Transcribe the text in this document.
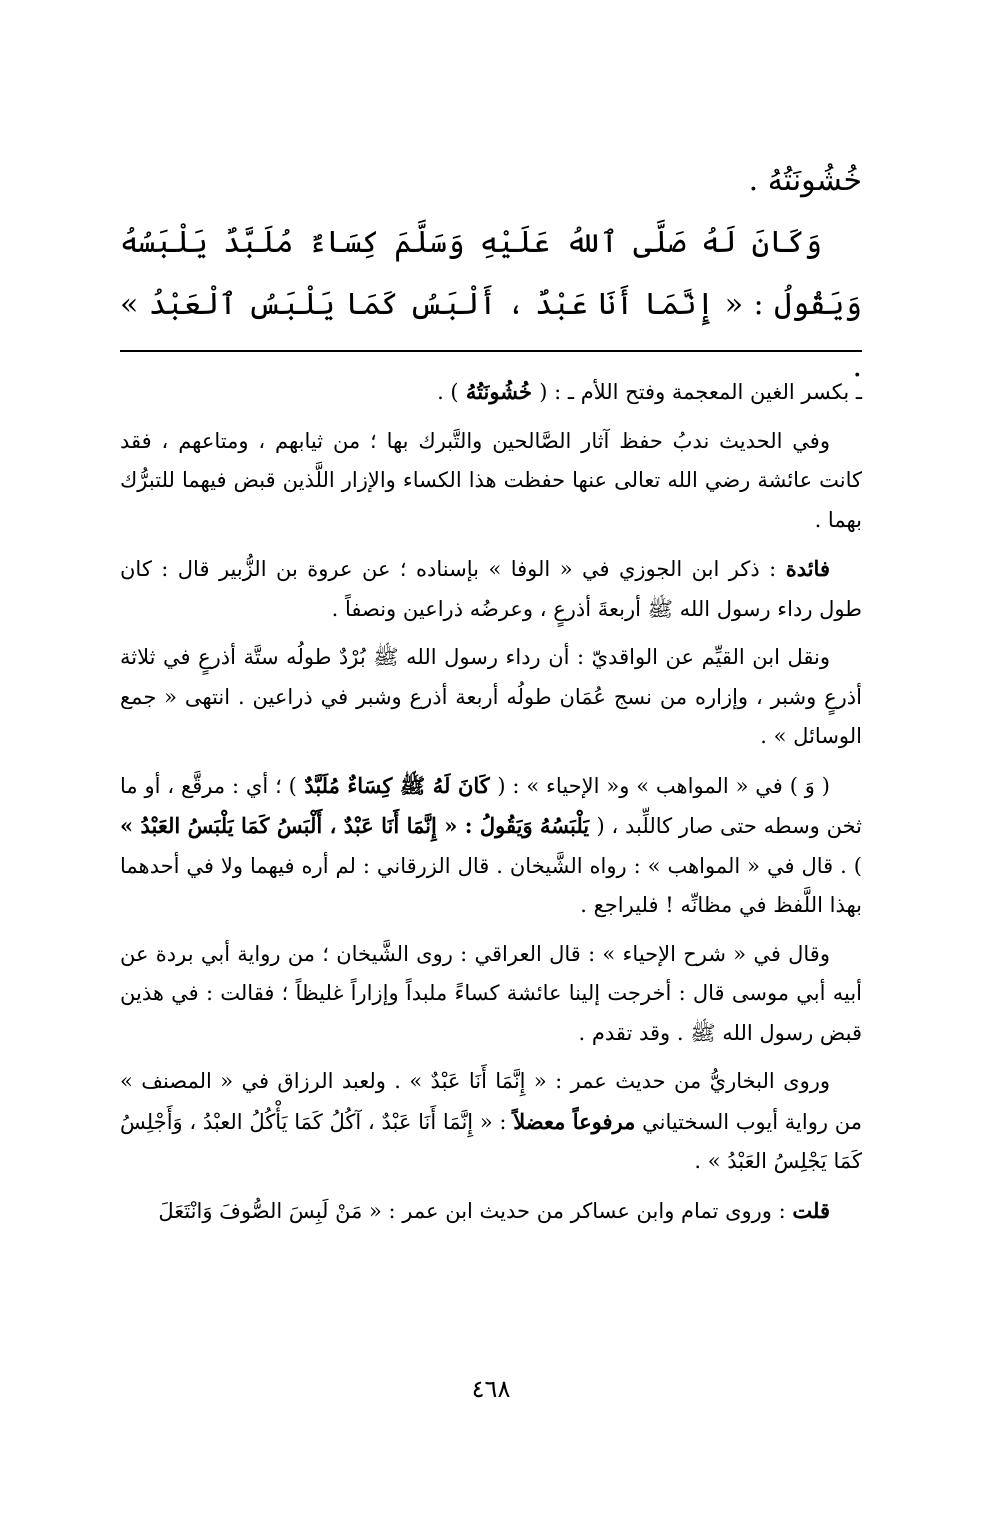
خُشُونَتُهُ .

وَكَانَ لَهُ صَلَّى ٱللهُ عَلَيْهِ وَسَلَّمَ كِسَاءٌ مُلَبَّدٌ يَلْبَسُهُ وَيَقُولُ : « إِنَّمَا أَنَا عَبْدٌ ، أَلْبَسُ كَمَا يَلْبَسُ ٱلْعَبْدُ » .

ـ بكسر الغين المعجمة وفتح اللأم ـ : ( خُشُونَتُهُ ) .

وفي الحديث ندبُ حفظ آثار الصَّالحين والتَّبرك بها ؛ من ثيابهم ، ومتاعهم ، فقد كانت عائشة رضي الله تعالى عنها حفظت هذا الكساء والإزار اللَّذين قبض فيهما للتبرُّك بهما .

فائدة : ذكر ابن الجوزي في « الوفا » بإسناده ؛ عن عروة بن الزُّبير قال : كان طول رداء رسول الله ﷺ أربعةَ أذرعٍ ، وعرضُه ذراعين ونصفاً .

ونقل ابن القيِّم عن الواقديّ : أن رداء رسول الله ﷺ بُرْدٌ طولُه ستَّة أذرعٍ في ثلاثة أذرعٍ وشبر ، وإزاره من نسج عُمَان طولُه أربعة أذرع وشبر في ذراعين . انتهى « جمع الوسائل » .

( وَ ) في « المواهب » و« الإحياء » : ( كَانَ لَهُ ﷺ كِسَاءٌ مُلَبَّدٌ ) ؛ أي : مرقَّع ، أو ما ثخن وسطه حتى صار كاللِّبد ، ( يَلْبَسُهُ وَيَقُولُ : « إِنَّمَا أَنَا عَبْدٌ ، أَلْبَسُ كَمَا يَلْبَسُ العَبْدُ » ) . قال في « المواهب » : رواه الشَّيخان . قال الزرقاني : لم أره فيهما ولا في أحدهما بهذا اللَّفظ في مظانِّه ! فليراجع .

وقال في « شرح الإحياء » : قال العراقي : روى الشَّيخان ؛ من رواية أبي بردة عن أبيه أبي موسى قال : أخرجت إلينا عائشة كساءً ملبداً وإزاراً غليظاً ؛ فقالت : في هذين قبض رسول الله ﷺ . وقد تقدم .

وروى البخاريُّ من حديث عمر : « إِنَّمَا أَنَا عَبْدٌ » . ولعبد الرزاق في « المصنف » من رواية أيوب السختياني مرفوعاً معضلاً : « إِنَّمَا أَنَا عَبْدٌ ، آكُلُ كَمَا يَأْكُلُ العبْدُ ، وَأَجْلِسُ كَمَا يَجْلِسُ العَبْدُ » .

قلت : وروى تمام وابن عساكر من حديث ابن عمر : « مَنْ لَبِسَ الصُّوفَ وَانْتَعَلَ

٤٦٨
